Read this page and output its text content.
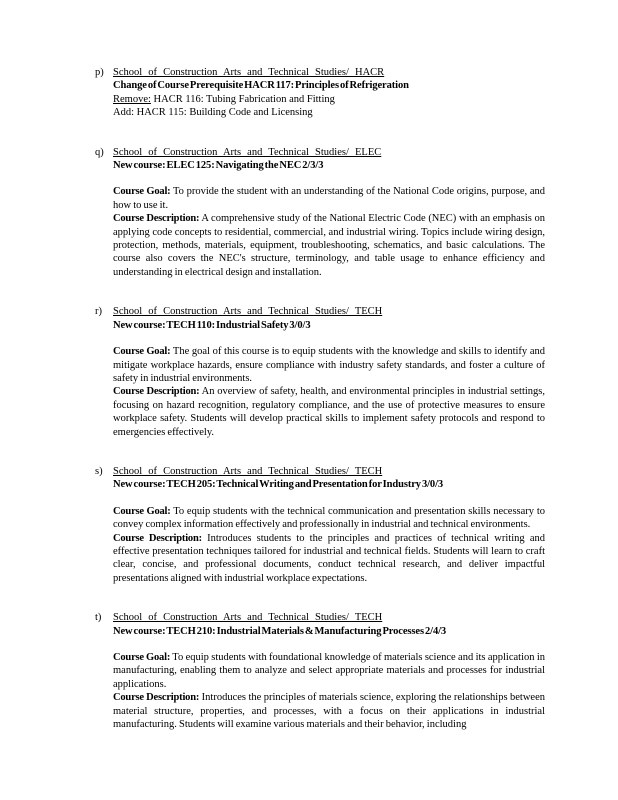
p) School of Construction Arts and Technical Studies/ HACR
Change of Course Prerequisite HACR 117: Principles of Refrigeration
Remove: HACR 116: Tubing Fabrication and Fitting
Add: HACR 115: Building Code and Licensing
q) School of Construction Arts and Technical Studies/ ELEC
New course: ELEC 125: Navigating the NEC 2/3/3
Course Goal: To provide the student with an understanding of the National Code origins, purpose, and how to use it.
Course Description: A comprehensive study of the National Electric Code (NEC) with an emphasis on applying code concepts to residential, commercial, and industrial wiring. Topics include wiring design, protection, methods, materials, equipment, troubleshooting, schematics, and basic calculations. The course also covers the NEC's structure, terminology, and table usage to enhance efficiency and understanding in electrical design and installation.
r)	School of Construction Arts and Technical Studies/ TECH
New course: TECH 110: Industrial Safety 3/0/3
Course Goal: The goal of this course is to equip students with the knowledge and skills to identify and mitigate workplace hazards, ensure compliance with industry safety standards, and foster a culture of safety in industrial environments.
Course Description: An overview of safety, health, and environmental principles in industrial settings, focusing on hazard recognition, regulatory compliance, and the use of protective measures to ensure workplace safety. Students will develop practical skills to implement safety protocols and respond to emergencies effectively.
s) School of Construction Arts and Technical Studies/ TECH
New course: TECH 205: Technical Writing and Presentation for Industry 3/0/3
Course Goal: To equip students with the technical communication and presentation skills necessary to convey complex information effectively and professionally in industrial and technical environments.
Course Description: Introduces students to the principles and practices of technical writing and effective presentation techniques tailored for industrial and technical fields. Students will learn to craft clear, concise, and professional documents, conduct technical research, and deliver impactful presentations aligned with industrial workplace expectations.
t)	School of Construction Arts and Technical Studies/ TECH
New course: TECH 210: Industrial Materials & Manufacturing Processes 2/4/3
Course Goal: To equip students with foundational knowledge of materials science and its application in manufacturing, enabling them to analyze and select appropriate materials and processes for industrial applications.
Course Description: Introduces the principles of materials science, exploring the relationships between material structure, properties, and processes, with a focus on their applications in industrial manufacturing. Students will examine various materials and their behavior, including
